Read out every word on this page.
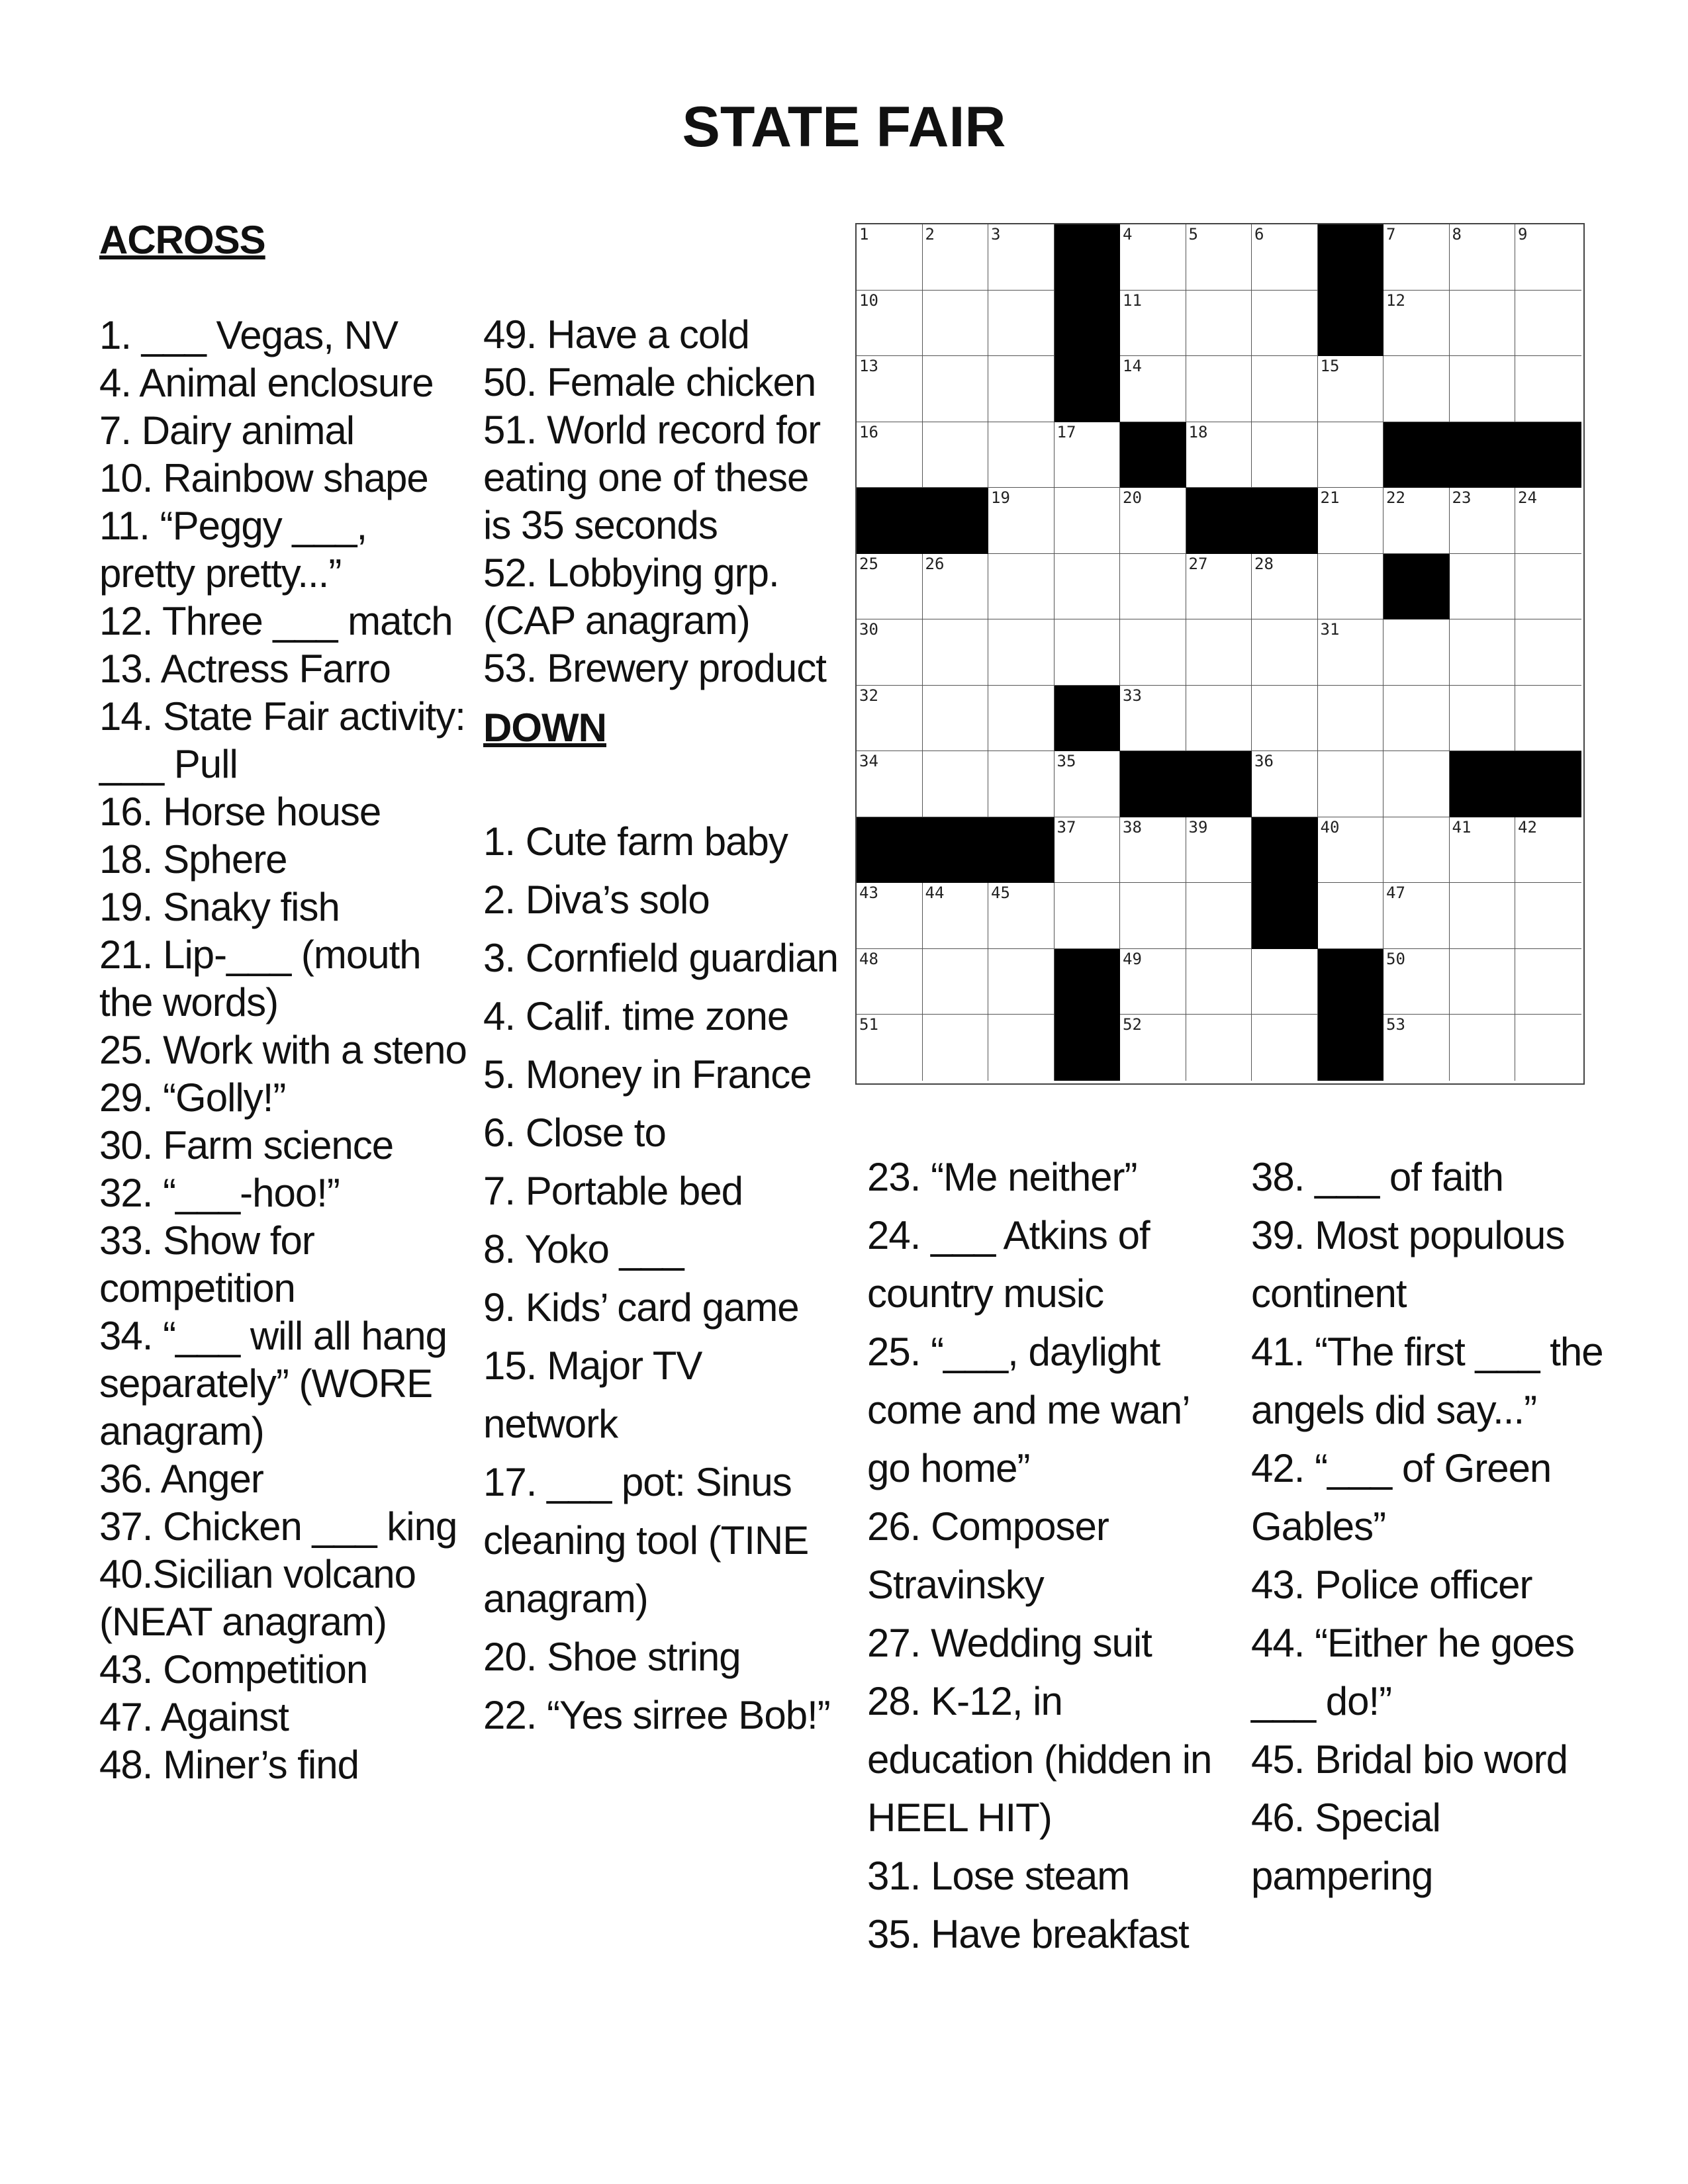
STATE FAIR

ACROSS

1. ___ Vegas, NV

4. Animal enclosure

7. Dairy animal

10. Rainbow shape

11. “Peggy ___, pretty pretty...”

12. Three ___ match

13. Actress Farro

14. State Fair activity: ___ Pull

16. Horse house

18. Sphere

19. Snaky fish

21. Lip-___ (mouth the words)

25. Work with a steno

29. “Golly!”

30. Farm science

32. “___-hoo!”

33. Show for competition

34. “___ will all hang separately” (WORE anagram)

36. Anger

37. Chicken ___ king

40.Sicilian volcano (NEAT anagram)

43. Competition

47. Against

48. Miner’s find

49. Have a cold

50. Female chicken

51. World record for eating one of these is 35 seconds

52. Lobbying grp. (CAP anagram)

53. Brewery product

DOWN

1. Cute farm baby

2. Diva’s solo

3. Cornfield guardian

4. Calif. time zone

5. Money in France

6. Close to

7. Portable bed

8. Yoko ___

9. Kids’ card game

15. Major TV network

17. ___ pot: Sinus cleaning tool (TINE anagram)

20. Shoe string

22. “Yes sirree Bob!”

1	2	3	4	5	6	7	8	9
10	11	12
13	14	15
16	17	18
19	20	21	22	23	24
25	26	27	28
30	31
32	33
34	35	36
37	38	39	40	41	42
43	44	45	47
48	49	50
51	52	53

23. “Me neither”

24. ___ Atkins of country music

25. “___, daylight come and me wan’ go home”

26. Composer Stravinsky

27. Wedding suit

28. K-12, in education (hidden in HEEL HIT)

31. Lose steam

35. Have breakfast

38. ___ of faith

39. Most populous continent

41. “The first ___ the angels did say...”

42. “___ of Green Gables”

43. Police officer

44. “Either he goes ___ do!”

45. Bridal bio word

46. Special pampering
